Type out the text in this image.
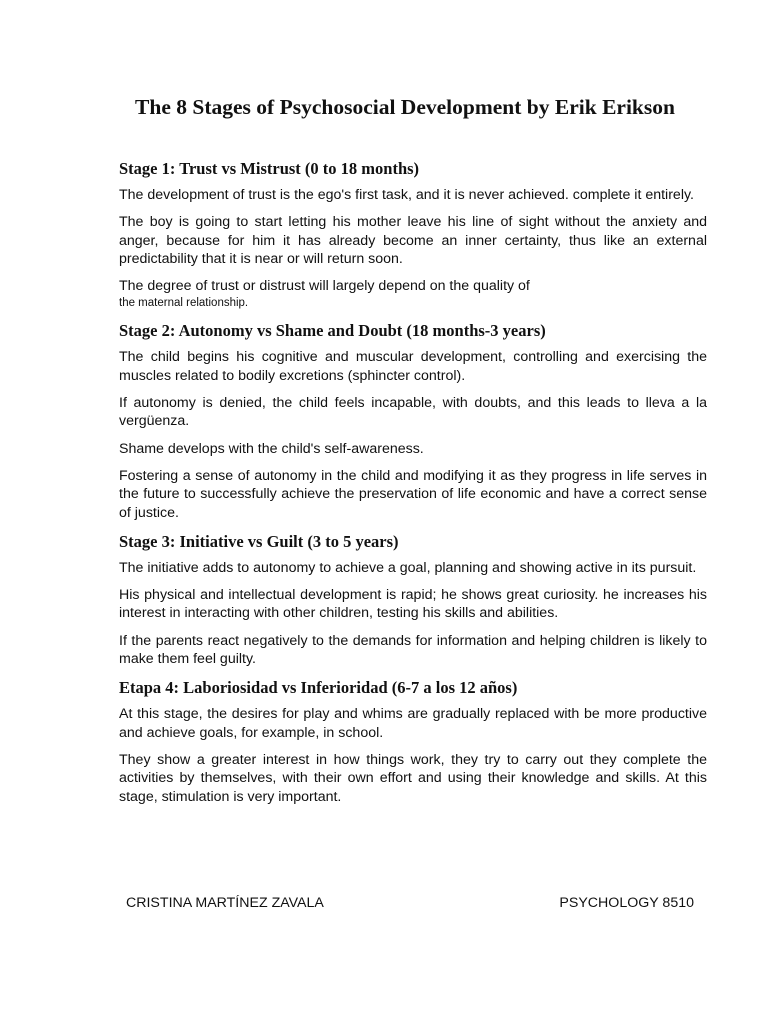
The 8 Stages of Psychosocial Development by Erik Erikson
Stage 1: Trust vs Mistrust (0 to 18 months)

The development of trust is the ego's first task, and it is never achieved. complete it entirely.

The boy is going to start letting his mother leave his line of sight without the anxiety and anger, because for him it has already become an inner certainty, thus like an external predictability that it is near or will return soon.

The degree of trust or distrust will largely depend on the quality of
the maternal relationship.

Stage 2: Autonomy vs Shame and Doubt (18 months-3 years)

The child begins his cognitive and muscular development, controlling and exercising the muscles related to bodily excretions (sphincter control).

If autonomy is denied, the child feels incapable, with doubts, and this leads to lleva a la vergüenza.

Shame develops with the child's self-awareness.

Fostering a sense of autonomy in the child and modifying it as they progress in life serves in the future to successfully achieve the preservation of life economic and have a correct sense of justice.

Stage 3: Initiative vs Guilt (3 to 5 years)

The initiative adds to autonomy to achieve a goal, planning and showing active in its pursuit.

His physical and intellectual development is rapid; he shows great curiosity. he increases his interest in interacting with other children, testing his skills and abilities.

If the parents react negatively to the demands for information and helping children is likely to make them feel guilty.

Etapa 4: Laboriosidad vs Inferioridad (6-7 a los 12 años)

At this stage, the desires for play and whims are gradually replaced with be more productive and achieve goals, for example, in school.

They show a greater interest in how things work, they try to carry out they complete the activities by themselves, with their own effort and using their knowledge and skills. At this stage, stimulation is very important.

CRISTINA MARTÍNEZ ZAVALA	PSYCHOLOGY 8510
